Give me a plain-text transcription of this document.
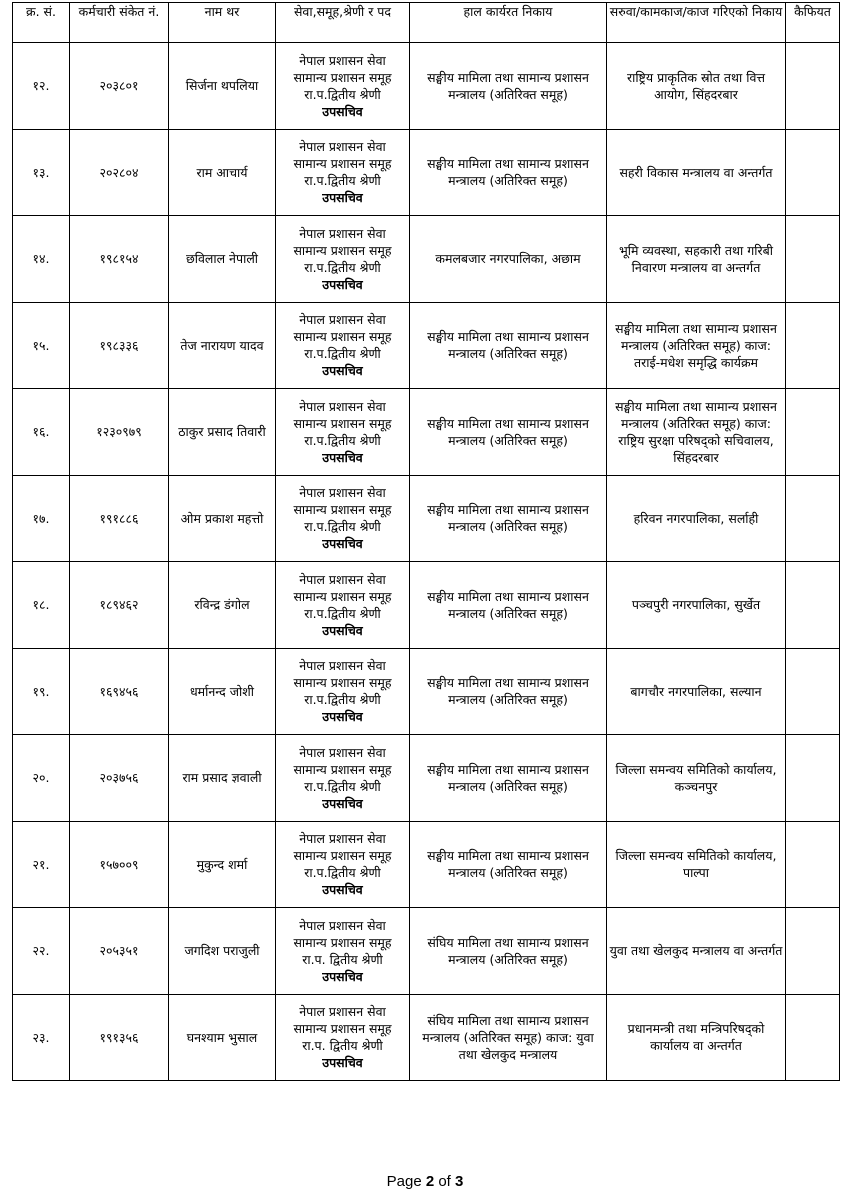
क्र. सं.	कर्मचारी संकेत नं.	नाम थर	सेवा,समूह,श्रेणी र पद	हाल कार्यरत निकाय	सरुवा/कामकाज/काज गरिएको निकाय	कैफियत
१२.	२०३८०१	सिर्जना थपलिया	नेपाल प्रशासन सेवा
सामान्य प्रशासन समूह
रा.प.द्वितीय श्रेणी
उपसचिव	सङ्घीय मामिला तथा सामान्य प्रशासन मन्त्रालय (अतिरिक्त समूह)	राष्ट्रिय प्राकृतिक स्रोत तथा वित्त आयोग, सिंहदरबार	
१३.	२०२८०४	राम आचार्य	नेपाल प्रशासन सेवा
सामान्य प्रशासन समूह
रा.प.द्वितीय श्रेणी
उपसचिव	सङ्घीय मामिला तथा सामान्य प्रशासन मन्त्रालय (अतिरिक्त समूह)	सहरी विकास मन्त्रालय वा अन्तर्गत	
१४.	१९८१५४	छविलाल नेपाली	नेपाल प्रशासन सेवा
सामान्य प्रशासन समूह
रा.प.द्वितीय श्रेणी
उपसचिव	कमलबजार नगरपालिका, अछाम	भूमि व्यवस्था, सहकारी तथा गरिबी निवारण मन्त्रालय वा अन्तर्गत	
१५.	१९८३३६	तेज नारायण यादव	नेपाल प्रशासन सेवा
सामान्य प्रशासन समूह
रा.प.द्वितीय श्रेणी
उपसचिव	सङ्घीय मामिला तथा सामान्य प्रशासन मन्त्रालय (अतिरिक्त समूह)	सङ्घीय मामिला तथा सामान्य प्रशासन मन्त्रालय (अतिरिक्त समूह) काज: तराई-मधेश समृद्धि कार्यक्रम	
१६.	१२३०९७९	ठाकुर प्रसाद तिवारी	नेपाल प्रशासन सेवा
सामान्य प्रशासन समूह
रा.प.द्वितीय श्रेणी
उपसचिव	सङ्घीय मामिला तथा सामान्य प्रशासन मन्त्रालय (अतिरिक्त समूह)	सङ्घीय मामिला तथा सामान्य प्रशासन मन्त्रालय (अतिरिक्त समूह) काज: राष्ट्रिय सुरक्षा परिषद्को सचिवालय, सिंहदरबार	
१७.	१९१८८६	ओम प्रकाश महत्तो	नेपाल प्रशासन सेवा
सामान्य प्रशासन समूह
रा.प.द्वितीय श्रेणी
उपसचिव	सङ्घीय मामिला तथा सामान्य प्रशासन मन्त्रालय (अतिरिक्त समूह)	हरिवन नगरपालिका, सर्लाही	
१८.	१८९४६२	रविन्द्र डंगोल	नेपाल प्रशासन सेवा
सामान्य प्रशासन समूह
रा.प.द्वितीय श्रेणी
उपसचिव	सङ्घीय मामिला तथा सामान्य प्रशासन मन्त्रालय (अतिरिक्त समूह)	पञ्चपुरी नगरपालिका, सुर्खेत	
१९.	१६९४५६	धर्मानन्द जोशी	नेपाल प्रशासन सेवा
सामान्य प्रशासन समूह
रा.प.द्वितीय श्रेणी
उपसचिव	सङ्घीय मामिला तथा सामान्य प्रशासन मन्त्रालय (अतिरिक्त समूह)	बागचौर नगरपालिका, सल्यान	
२०.	२०३७५६	राम प्रसाद ज्ञवाली	नेपाल प्रशासन सेवा
सामान्य प्रशासन समूह
रा.प.द्वितीय श्रेणी
उपसचिव	सङ्घीय मामिला तथा सामान्य प्रशासन मन्त्रालय (अतिरिक्त समूह)	जिल्ला समन्वय समितिको कार्यालय, कञ्चनपुर	
२१.	१५७००९	मुकुन्द शर्मा	नेपाल प्रशासन सेवा
सामान्य प्रशासन समूह
रा.प.द्वितीय श्रेणी
उपसचिव	सङ्घीय मामिला तथा सामान्य प्रशासन मन्त्रालय (अतिरिक्त समूह)	जिल्ला समन्वय समितिको कार्यालय, पाल्पा	
२२.	२०५३५१	जगदिश पराजुली	नेपाल प्रशासन सेवा
सामान्य प्रशासन समूह
रा.प. द्वितीय श्रेणी
उपसचिव	संघिय मामिला तथा सामान्य प्रशासन मन्त्रालय (अतिरिक्त समूह)	युवा तथा खेलकुद मन्त्रालय वा अन्तर्गत	
२३.	१९१३५६	घनश्याम भुसाल	नेपाल प्रशासन सेवा
सामान्य प्रशासन समूह
रा.प. द्वितीय श्रेणी
उपसचिव	संघिय मामिला तथा सामान्य प्रशासन मन्त्रालय (अतिरिक्त समूह) काज: युवा तथा खेलकुद मन्त्रालय	प्रधानमन्त्री तथा मन्त्रिपरिषद्को कार्यालय वा अन्तर्गत	
Page 2 of 3
